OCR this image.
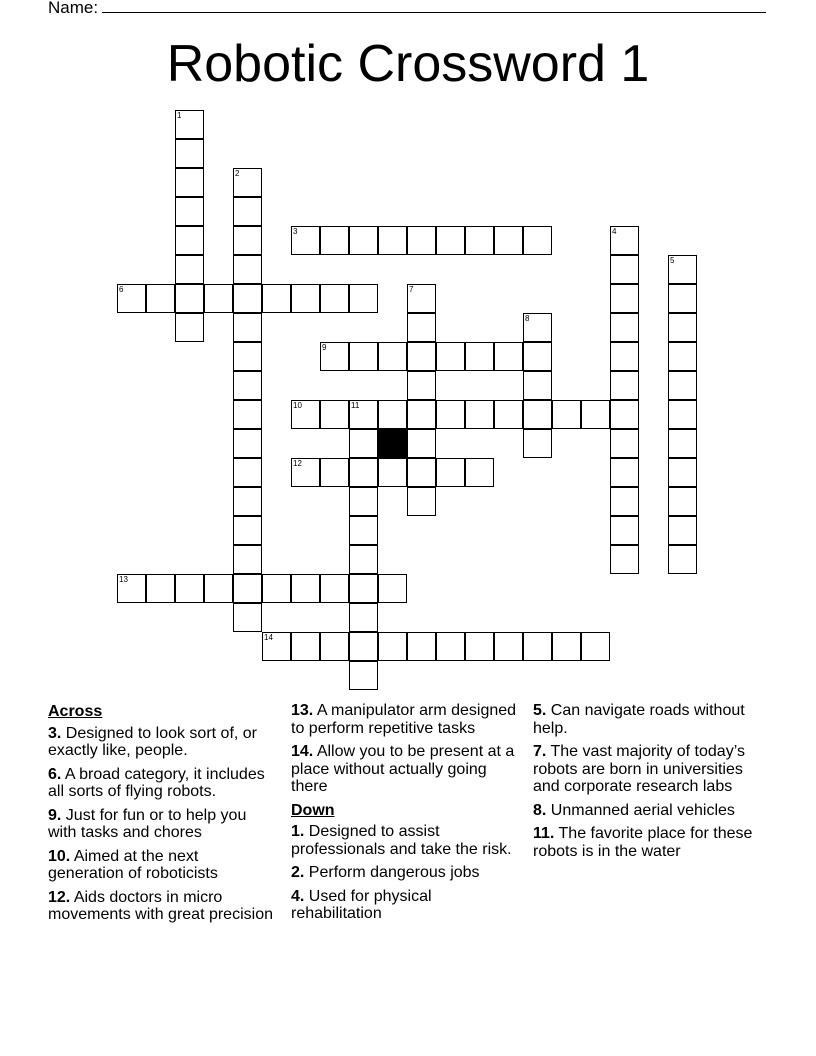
Name:
Robotic Crossword 1
1
2
3	4
5
6	7
8
9
10	11
12
13
14
Across
3. Designed to look sort of, or exactly like, people.
6. A broad category, it includes all sorts of flying robots.
9. Just for fun or to help you with tasks and chores
10. Aimed at the next generation of roboticists
12. Aids doctors in micro movements with great precision
13. A manipulator arm designed to perform repetitive tasks
14. Allow you to be present at a place without actually going there
Down
1. Designed to assist professionals and take the risk.
2. Perform dangerous jobs
4. Used for physical rehabilitation
5. Can navigate roads without help.
7. The vast majority of today’s robots are born in universities and corporate research labs
8. Unmanned aerial vehicles
11. The favorite place for these robots is in the water
